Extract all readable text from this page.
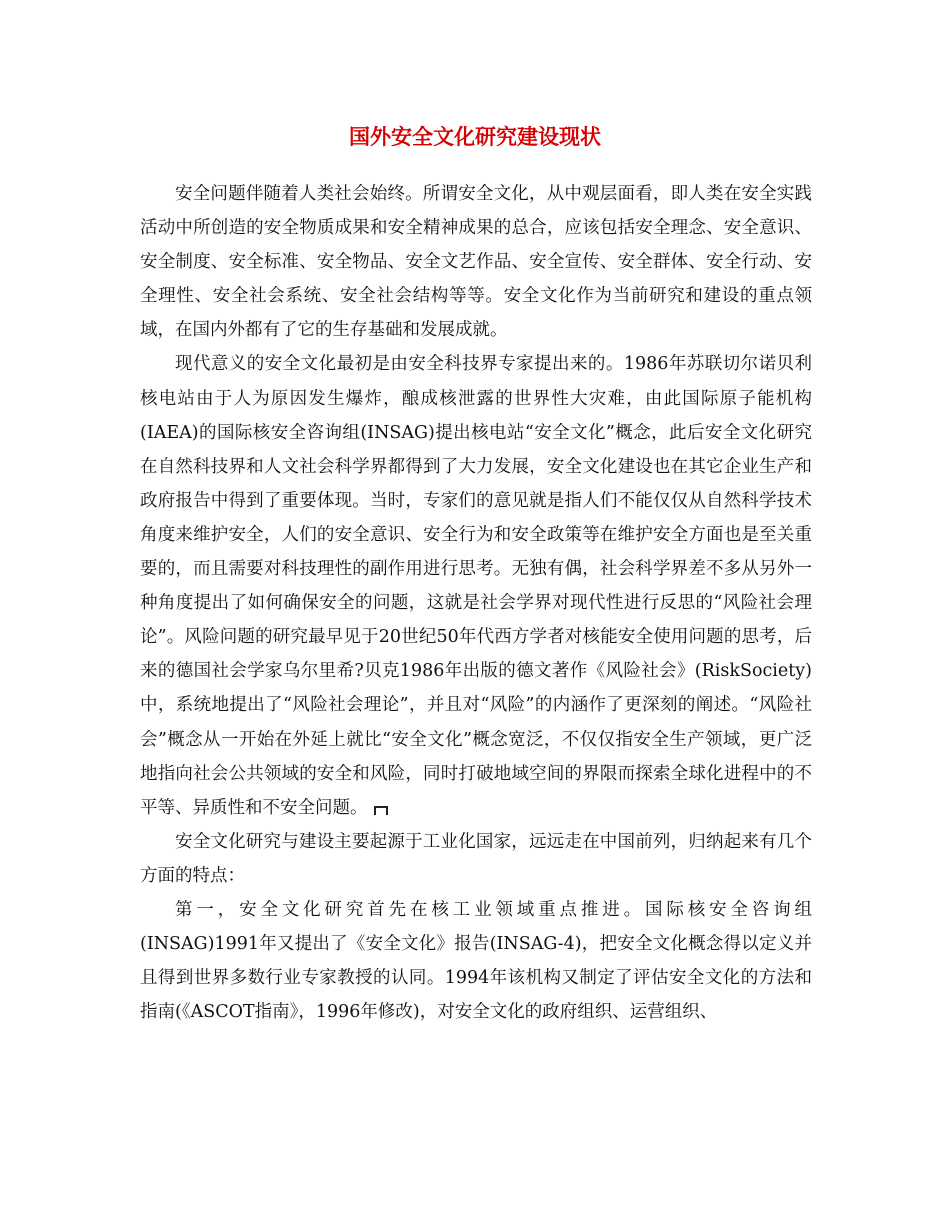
国外安全文化研究建设现状

安全问题伴随着人类社会始终。所谓安全文化，从中观层面看，即人类在安全实践活动中所创造的安全物质成果和安全精神成果的总合，应该包括安全理念、安全意识、安全制度、安全标准、安全物品、安全文艺作品、安全宣传、安全群体、安全行动、安全理性、安全社会系统、安全社会结构等等。安全文化作为当前研究和建设的重点领域，在国内外都有了它的生存基础和发展成就。

现代意义的安全文化最初是由安全科技界专家提出来的。1986年苏联切尔诺贝利核电站由于人为原因发生爆炸，酿成核泄露的世界性大灾难，由此国际原子能机构(IAEA)的国际核安全咨询组(INSAG)提出核电站“安全文化”概念，此后安全文化研究在自然科技界和人文社会科学界都得到了大力发展，安全文化建设也在其它企业生产和政府报告中得到了重要体现。当时，专家们的意见就是指人们不能仅仅从自然科学技术角度来维护安全，人们的安全意识、安全行为和安全政策等在维护安全方面也是至关重要的，而且需要对科技理性的副作用进行思考。无独有偶，社会科学界差不多从另外一种角度提出了如何确保安全的问题，这就是社会学界对现代性进行反思的“风险社会理论”。风险问题的研究最早见于20世纪50年代西方学者对核能安全使用问题的思考，后来的德国社会学家乌尔里希?贝克1986年出版的德文著作《风险社会》(RiskSociety)中，系统地提出了“风险社会理论”，并且对“风险”的内涵作了更深刻的阐述。“风险社会”概念从一开始在外延上就比“安全文化”概念宽泛，不仅仅指安全生产领域，更广泛地指向社会公共领域的安全和风险，同时打破地域空间的界限而探索全球化进程中的不平等、异质性和不安全问题。

安全文化研究与建设主要起源于工业化国家，远远走在中国前列，归纳起来有几个方面的特点：

第一，安全文化研究首先在核工业领域重点推进。国际核安全咨询组(INSAG)1991年又提出了《安全文化》报告(INSAG-4)，把安全文化概念得以定义并且得到世界多数行业专家教授的认同。1994年该机构又制定了评估安全文化的方法和指南(《ASCOT指南》，1996年修改)，对安全文化的政府组织、运营组织、
